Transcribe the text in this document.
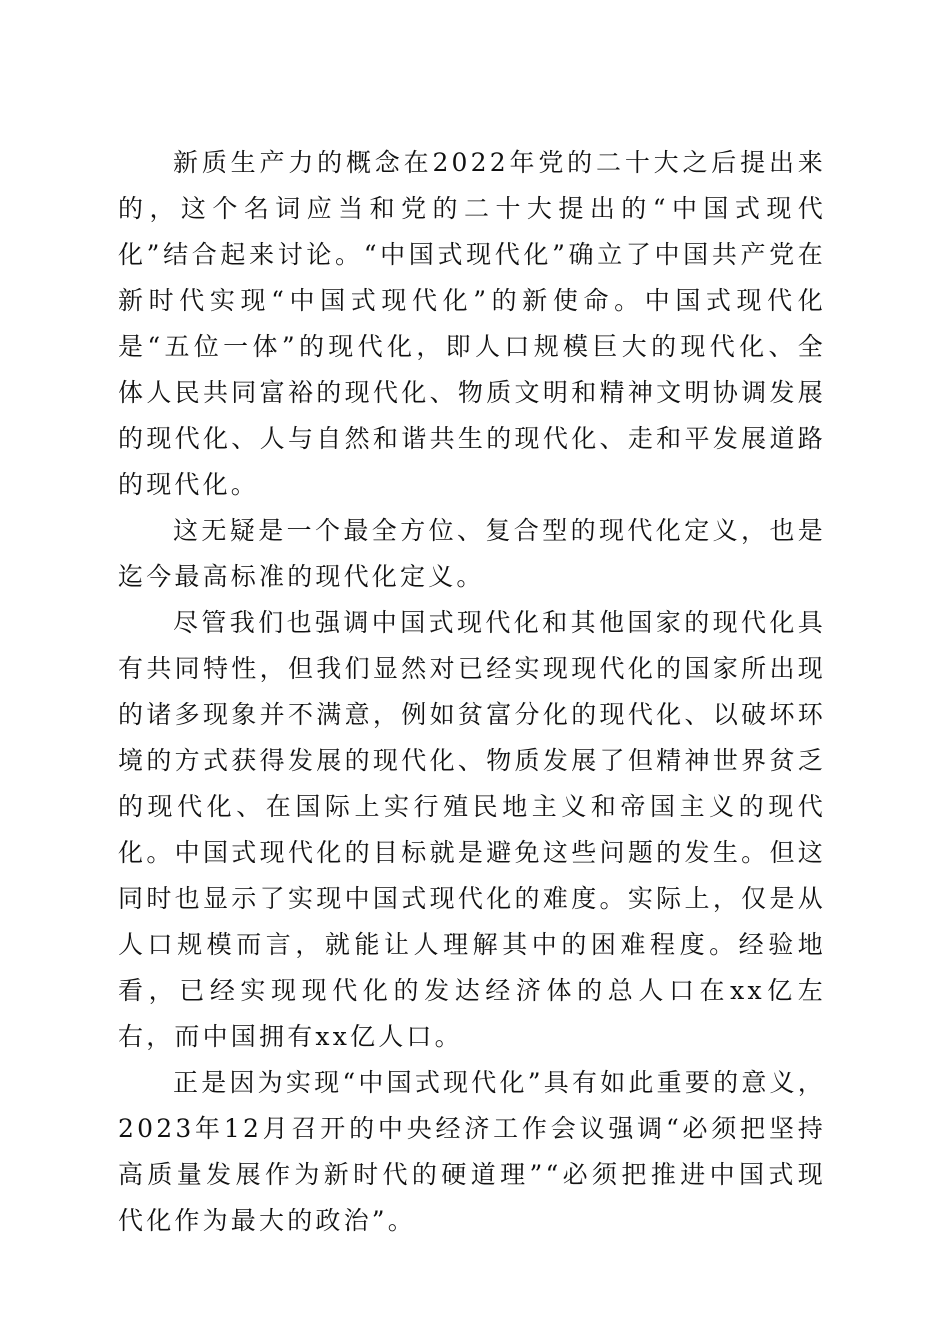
新质生产力的概念在2022年党的二十大之后提出来的，这个名词应当和党的二十大提出的“中国式现代化”结合起来讨论。“中国式现代化”确立了中国共产党在新时代实现“中国式现代化”的新使命。中国式现代化是“五位一体”的现代化，即人口规模巨大的现代化、全体人民共同富裕的现代化、物质文明和精神文明协调发展的现代化、人与自然和谐共生的现代化、走和平发展道路的现代化。

这无疑是一个最全方位、复合型的现代化定义，也是迄今最高标准的现代化定义。

尽管我们也强调中国式现代化和其他国家的现代化具有共同特性，但我们显然对已经实现现代化的国家所出现的诸多现象并不满意，例如贫富分化的现代化、以破坏环境的方式获得发展的现代化、物质发展了但精神世界贫乏的现代化、在国际上实行殖民地主义和帝国主义的现代化。中国式现代化的目标就是避免这些问题的发生。但这同时也显示了实现中国式现代化的难度。实际上，仅是从人口规模而言，就能让人理解其中的困难程度。经验地看，已经实现现代化的发达经济体的总人口在xx亿左右，而中国拥有xx亿人口。

正是因为实现“中国式现代化”具有如此重要的意义，2023年12月召开的中央经济工作会议强调“必须把坚持高质量发展作为新时代的硬道理”“必须把推进中国式现代化作为最大的政治”。
